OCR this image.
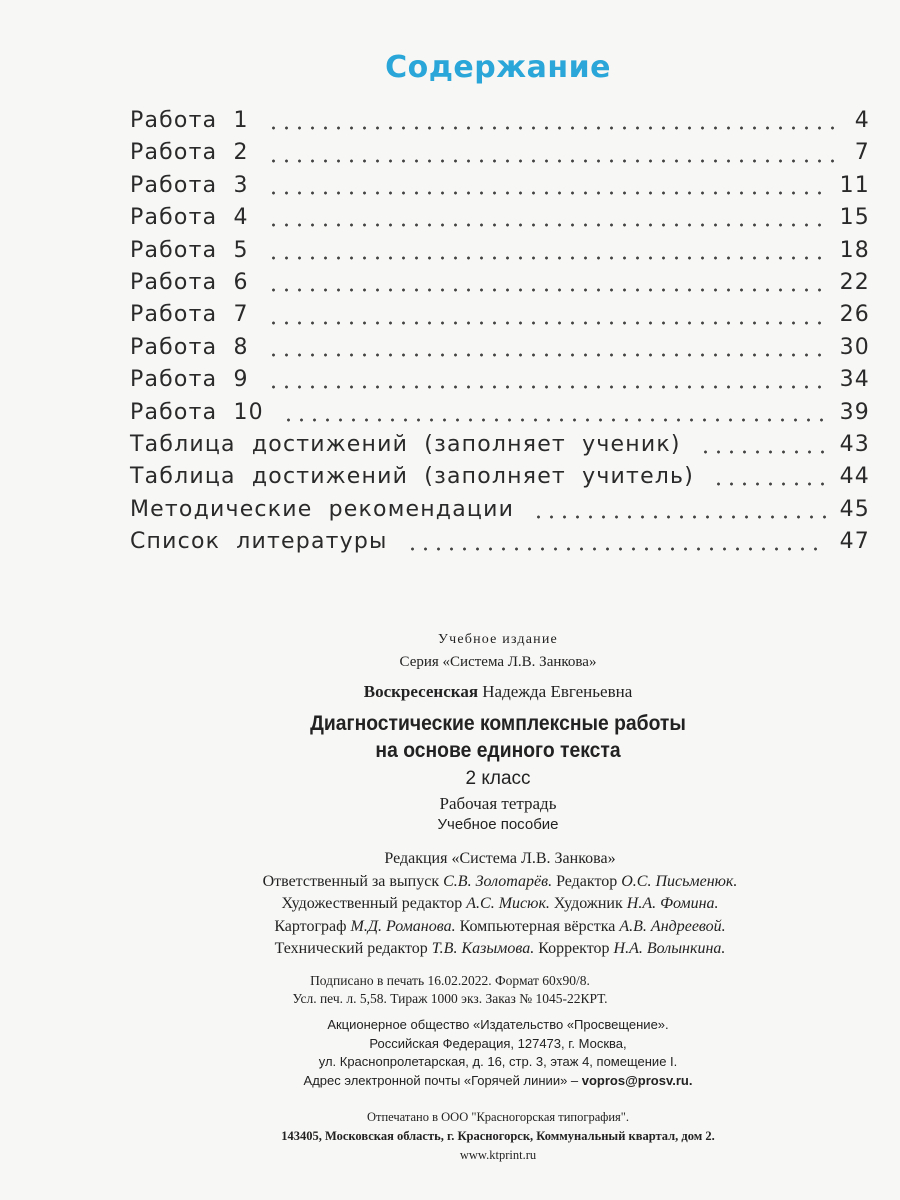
Содержание
Работа 1	4
Работа 2	7
Работа 3	11
Работа 4	15
Работа 5	18
Работа 6	22
Работа 7	26
Работа 8	30
Работа 9	34
Работа 10	39
Таблица достижений (заполняет ученик)	43
Таблица достижений (заполняет учитель)	44
Методические рекомендации	45
Список литературы	47
Учебное издание
Серия «Система Л.В. Занкова»
Воскресенская Надежда Евгеньевна
Диагностические комплексные работы
на основе единого текста
2 класс
Рабочая тетрадь
Учебное пособие
Редакция «Система Л.В. Занкова»
Ответственный за выпуск С.В. Золотарёв. Редактор О.С. Письменюк.
Художественный редактор А.С. Мисюк. Художник Н.А. Фомина.
Картограф М.Д. Романова. Компьютерная вёрстка А.В. Андреевой.
Технический редактор Т.В. Казымова. Корректор Н.А. Волынкина.
Подписано в печать 16.02.2022. Формат 60x90/8.
Усл. печ. л. 5,58. Тираж 1000 экз. Заказ № 1045-22КРТ.
Акционерное общество «Издательство «Просвещение».
Российская Федерация, 127473, г. Москва,
ул. Краснопролетарская, д. 16, стр. 3, этаж 4, помещение I.
Адрес электронной почты «Горячей линии» – vopros@prosv.ru.
Отпечатано в ООО "Красногорская типография".
143405, Московская область, г. Красногорск, Коммунальный квартал, дом 2.
www.ktprint.ru
